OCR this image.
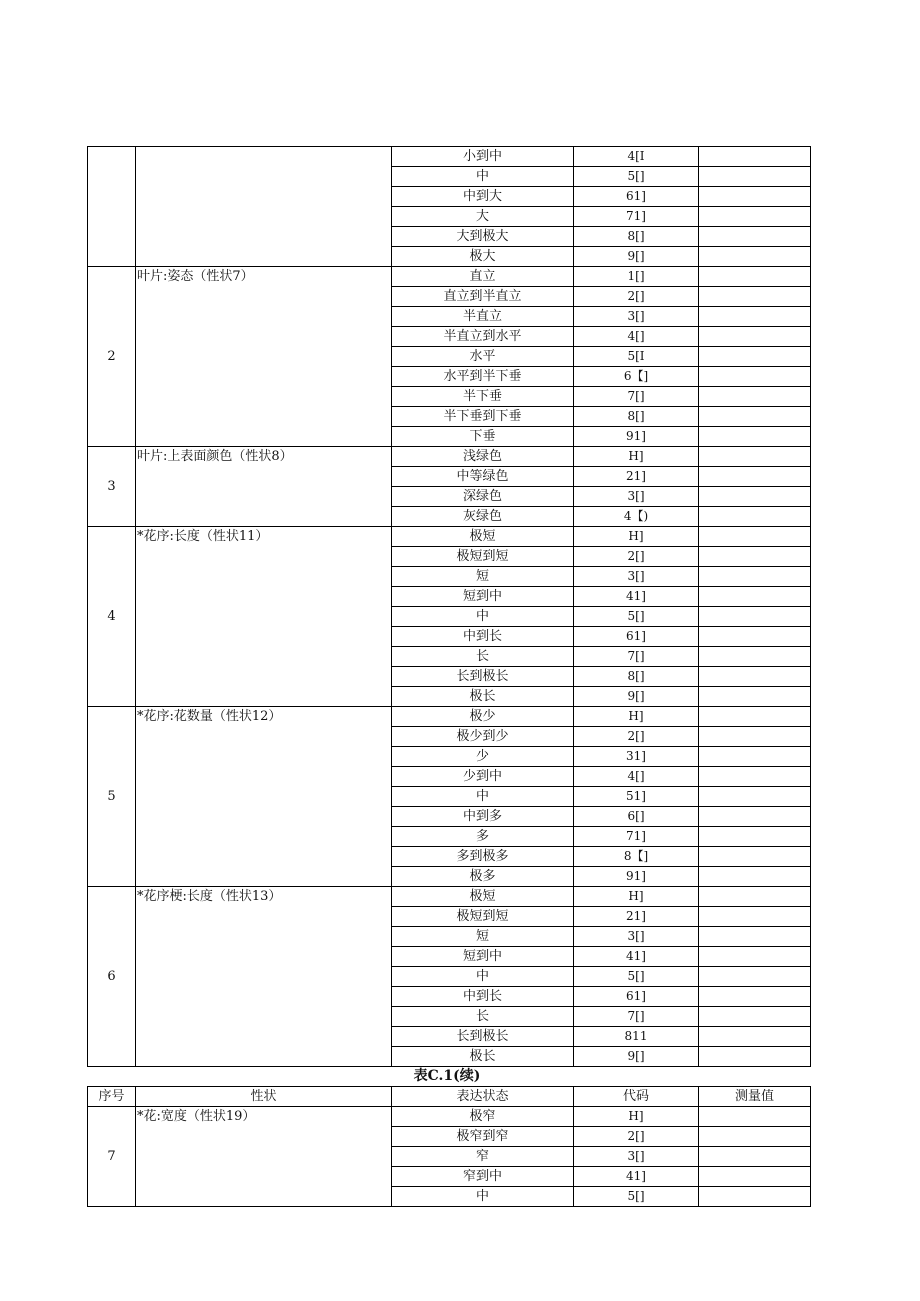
		小到中	4[I	
		中	5[]	
		中到大	61]	
		大	71]	
		大到极大	8[]	
		极大	9[]	
2	叶片:姿态（性状7）	直立	1[]	
		直立到半直立	2[]	
		半直立	3[]	
		半直立到水平	4[]	
		水平	5[I	
		水平到半下垂	6【]	
		半下垂	7[]	
		半下垂到下垂	8[]	
		下垂	91]	
3	叶片:上表面颜色（性状8）	浅绿色	H]	
		中等绿色	21]	
		深绿色	3[]	
		灰绿色	4【)	
4	*花序:长度（性状11）	极短	H]	
		极短到短	2[]	
		短	3[]	
		短到中	41]	
		中	5[]	
		中到长	61]	
		长	7[]	
		长到极长	8[]	
		极长	9[]	
5	*花序:花数量（性状12）	极少	H]	
		极少到少	2[]	
		少	31]	
		少到中	4[]	
		中	51]	
		中到多	6[]	
		多	71]	
		多到极多	8【]	
		极多	91]	
6	*花序梗:长度（性状13）	极短	H]	
		极短到短	21]	
		短	3[]	
		短到中	41]	
		中	5[]	
		中到长	61]	
		长	7[]	
		长到极长	811	
		极长	9[]	
表C.1(续)
序号	性状	表达状态	代码	测量值
7	*花:宽度（性状19）	极窄	H]	
		极窄到窄	2[]	
		窄	3[]	
		窄到中	41]	
		中	5[]	
